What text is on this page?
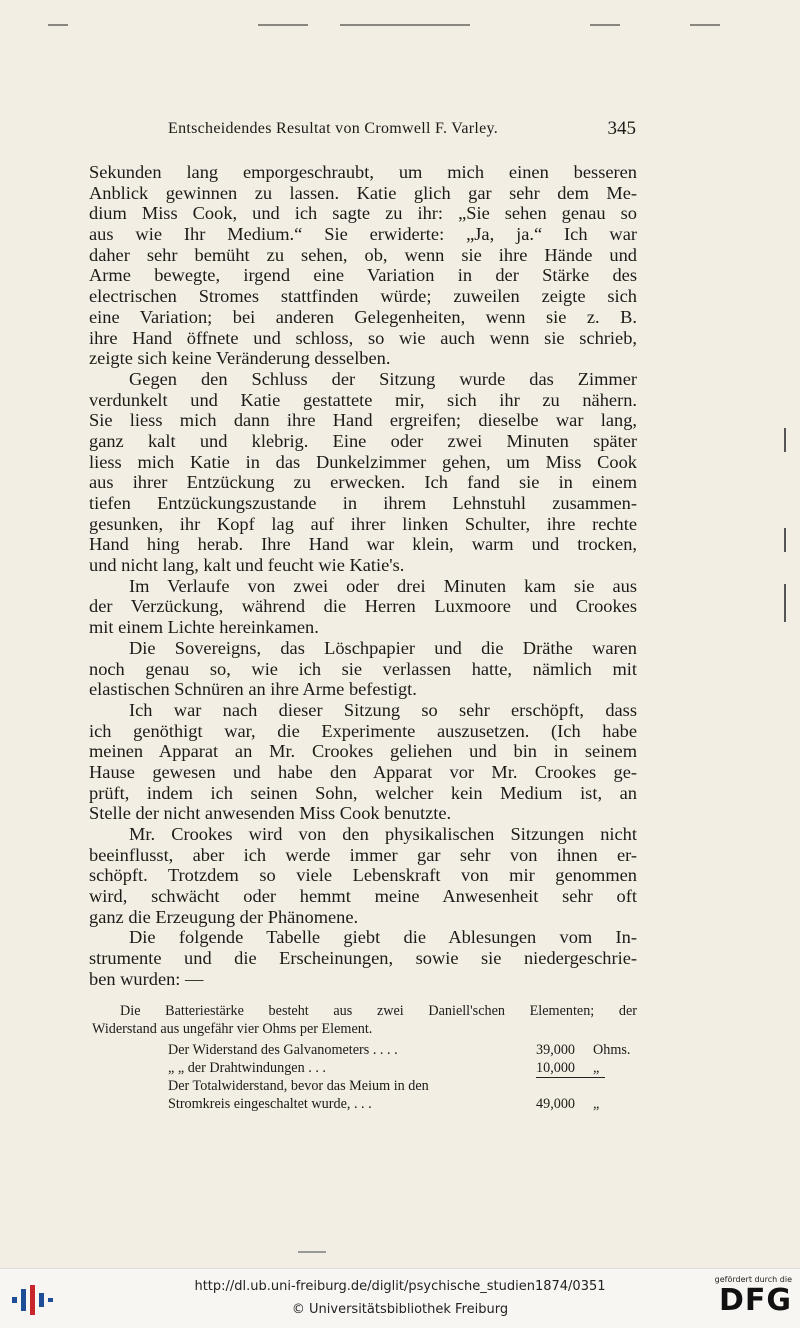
Entscheidendes Resultat von Cromwell F. Varley.	345
Sekunden lang emporgeschraubt, um mich einen besseren
Anblick gewinnen zu lassen. Katie glich gar sehr dem Me-
dium Miss Cook, und ich sagte zu ihr: „Sie sehen genau so
aus wie Ihr Medium.“ Sie erwiderte: „Ja, ja.“ Ich war
daher sehr bemüht zu sehen, ob, wenn sie ihre Hände und
Arme bewegte, irgend eine Variation in der Stärke des
electrischen Stromes stattfinden würde; zuweilen zeigte sich
eine Variation; bei anderen Gelegenheiten, wenn sie z. B.
ihre Hand öffnete und schloss, so wie auch wenn sie schrieb,
zeigte sich keine Veränderung desselben.
Gegen den Schluss der Sitzung wurde das Zimmer
verdunkelt und Katie gestattete mir, sich ihr zu nähern.
Sie liess mich dann ihre Hand ergreifen; dieselbe war lang,
ganz kalt und klebrig. Eine oder zwei Minuten später
liess mich Katie in das Dunkelzimmer gehen, um Miss Cook
aus ihrer Entzückung zu erwecken. Ich fand sie in einem
tiefen Entzückungszustande in ihrem Lehnstuhl zusammen-
gesunken, ihr Kopf lag auf ihrer linken Schulter, ihre rechte
Hand hing herab. Ihre Hand war klein, warm und trocken,
und nicht lang, kalt und feucht wie Katie's.
Im Verlaufe von zwei oder drei Minuten kam sie aus
der Verzückung, während die Herren Luxmoore und Crookes
mit einem Lichte hereinkamen.
Die Sovereigns, das Löschpapier und die Dräthe waren
noch genau so, wie ich sie verlassen hatte, nämlich mit
elastischen Schnüren an ihre Arme befestigt.
Ich war nach dieser Sitzung so sehr erschöpft, dass
ich genöthigt war, die Experimente auszusetzen. (Ich habe
meinen Apparat an Mr. Crookes geliehen und bin in seinem
Hause gewesen und habe den Apparat vor Mr. Crookes ge-
prüft, indem ich seinen Sohn, welcher kein Medium ist, an
Stelle der nicht anwesenden Miss Cook benutzte.
Mr. Crookes wird von den physikalischen Sitzungen nicht
beeinflusst, aber ich werde immer gar sehr von ihnen er-
schöpft. Trotzdem so viele Lebenskraft von mir genommen
wird, schwächt oder hemmt meine Anwesenheit sehr oft
ganz die Erzeugung der Phänomene.
Die folgende Tabelle giebt die Ablesungen vom In-
strumente und die Erscheinungen, sowie sie niedergeschrie-
ben wurden: —
Die Batteriestärke besteht aus zwei Daniell'schen Elementen; der
Widerstand aus ungefähr vier Ohms per Element.
Der Widerstand des Galvanometers . . . .	39,000 Ohms.
„ „ der Drahtwindungen . . .	10,000	„
Der Totalwiderstand, bevor das Meium in den
Stromkreis eingeschaltet wurde, . . .	49,000 „
http://dl.ub.uni-freiburg.de/diglit/psychische_studien1874/0351
© Universitätsbibliothek Freiburg
gefördert durch die
DFG
